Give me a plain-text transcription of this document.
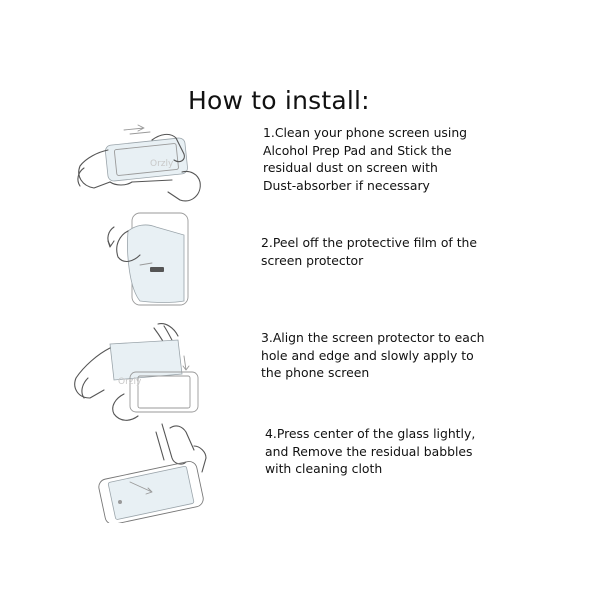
How to install:
Orzly
Orzly
1.Clean your phone screen using
Alcohol Prep Pad and Stick the
residual dust on screen with
Dust-absorber if necessary
2.Peel off the protective film of the
screen protector
3.Align the screen protector to each
hole and edge and slowly apply to
the phone screen
4.Press center of the glass lightly,
and Remove the residual babbles
with cleaning cloth
